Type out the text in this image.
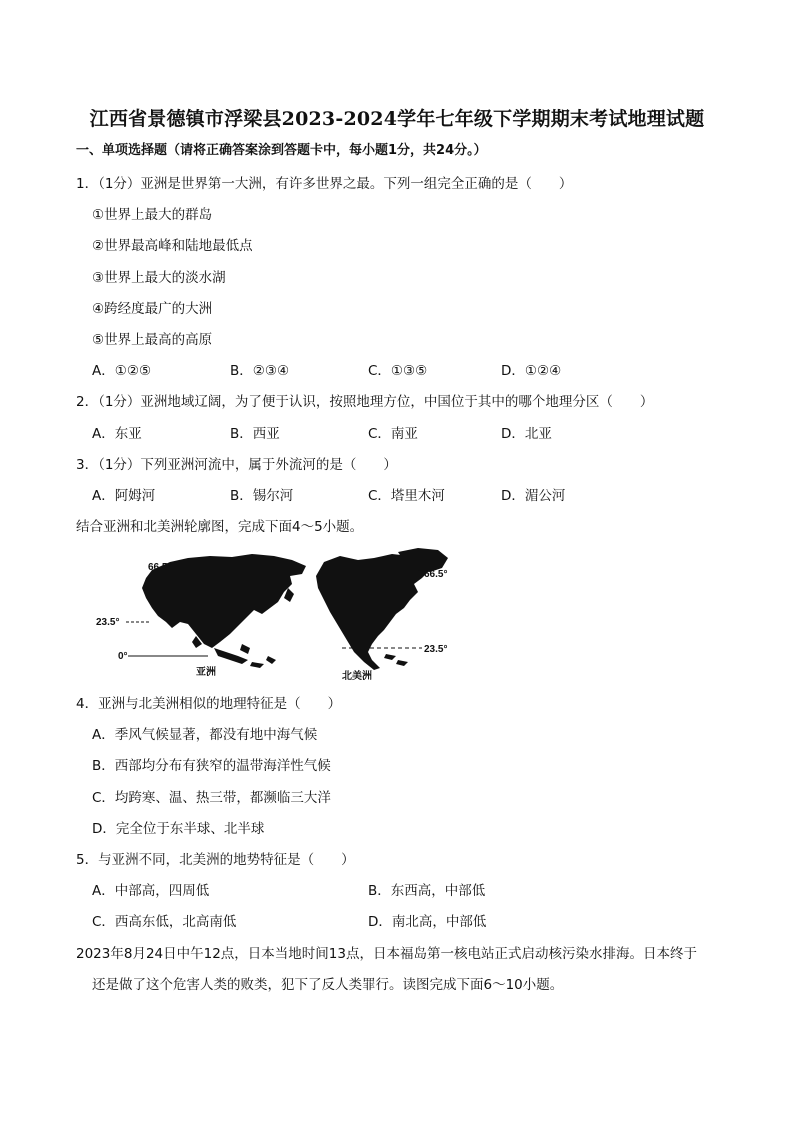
江西省景德镇市浮梁县2023-2024学年七年级下学期期末考试地理试题
一、单项选择题（请将正确答案涂到答题卡中，每小题1分，共24分。）
1．（1分）亚洲是世界第一大洲，有许多世界之最。下列一组完全正确的是（　　）
①世界上最大的群岛
②世界最高峰和陆地最低点
③世界上最大的淡水湖
④跨经度最广的大洲
⑤世界上最高的高原
A．①②⑤	B．②③④	C．①③⑤	D．①②④
2．（1分）亚洲地域辽阔，为了便于认识，按照地理方位，中国位于其中的哪个地理分区（　　）
A．东亚	B．西亚	C．南亚	D．北亚
3．（1分）下列亚洲河流中，属于外流河的是（　　）
A．阿姆河	B．锡尔河	C．塔里木河	D．湄公河
结合亚洲和北美洲轮廓图，完成下面4～5小题。
66.5°
23.5°
0°
亚洲
66.5°
23.5°
北美洲
4．亚洲与北美洲相似的地理特征是（　　）
A．季风气候显著，都没有地中海气候
B．西部均分布有狭窄的温带海洋性气候
C．均跨寒、温、热三带，都濒临三大洋
D．完全位于东半球、北半球
5．与亚洲不同，北美洲的地势特征是（　　）
A．中部高，四周低	B．东西高，中部低
C．西高东低，北高南低	D．南北高，中部低
2023年8月24日中午12点，日本当地时间13点，日本福岛第一核电站正式启动核污染水排海。日本终于
还是做了这个危害人类的败类，犯下了反人类罪行。读图完成下面6～10小题。
